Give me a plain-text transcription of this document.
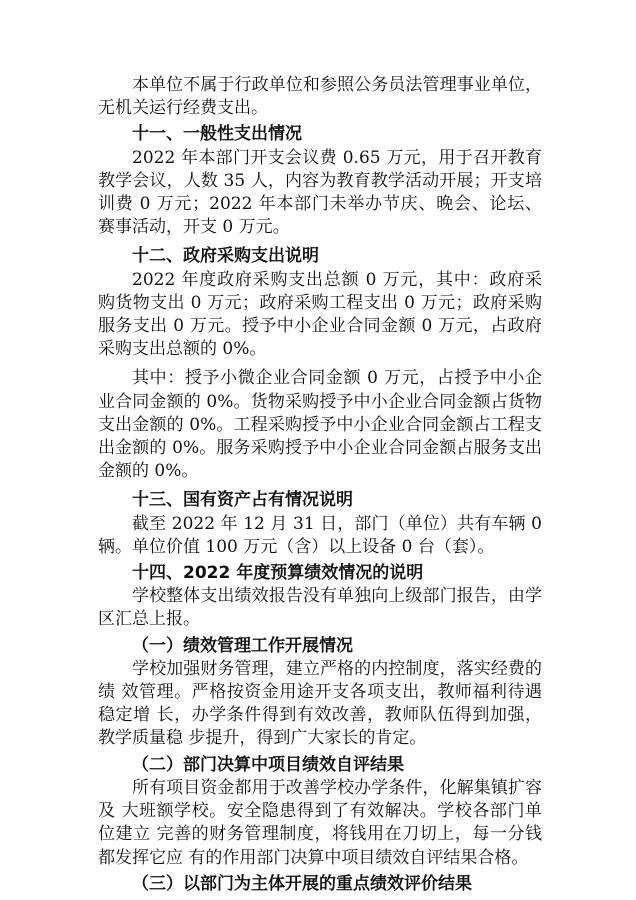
本单位不属于行政单位和参照公务员法管理事业单位，无机关运行经费支出。

十一、一般性支出情况

2022 年本部门开支会议费 0.65 万元，用于召开教育教学会议，人数 35 人，内容为教育教学活动开展；开支培训费 0 万元；2022 年本部门未举办节庆、晚会、论坛、赛事活动，开支 0 万元。

十二、政府采购支出说明

2022 年度政府采购支出总额 0 万元，其中：政府采购货物支出 0 万元；政府采购工程支出 0 万元；政府采购服务支出 0 万元。授予中小企业合同金额 0 万元，占政府采购支出总额的 0%。

其中：授予小微企业合同金额 0 万元，占授予中小企业合同金额的 0%。货物采购授予中小企业合同金额占货物支出金额的 0%。工程采购授予中小企业合同金额占工程支出金额的 0%。服务采购授予中小企业合同金额占服务支出金额的 0%。

十三、国有资产占有情况说明

截至 2022 年 12 月 31 日，部门（单位）共有车辆 0 辆。单位价值 100 万元（含）以上设备 0 台（套）。

十四、2022 年度预算绩效情况的说明

学校整体支出绩效报告没有单独向上级部门报告，由学区汇总上报。

（一）绩效管理工作开展情况

学校加强财务管理，建立严格的内控制度，落实经费的绩 效管理。严格按资金用途开支各项支出，教师福利待遇稳定增 长，办学条件得到有效改善，教师队伍得到加强，教学质量稳 步提升，得到广大家长的肯定。

（二）部门决算中项目绩效自评结果

所有项目资金都用于改善学校办学条件，化解集镇扩容及 大班额学校。安全隐患得到了有效解决。学校各部门单位建立 完善的财务管理制度，将钱用在刀切上，每一分钱都发挥它应 有的作用部门决算中项目绩效自评结果合格。

（三）以部门为主体开展的重点绩效评价结果
